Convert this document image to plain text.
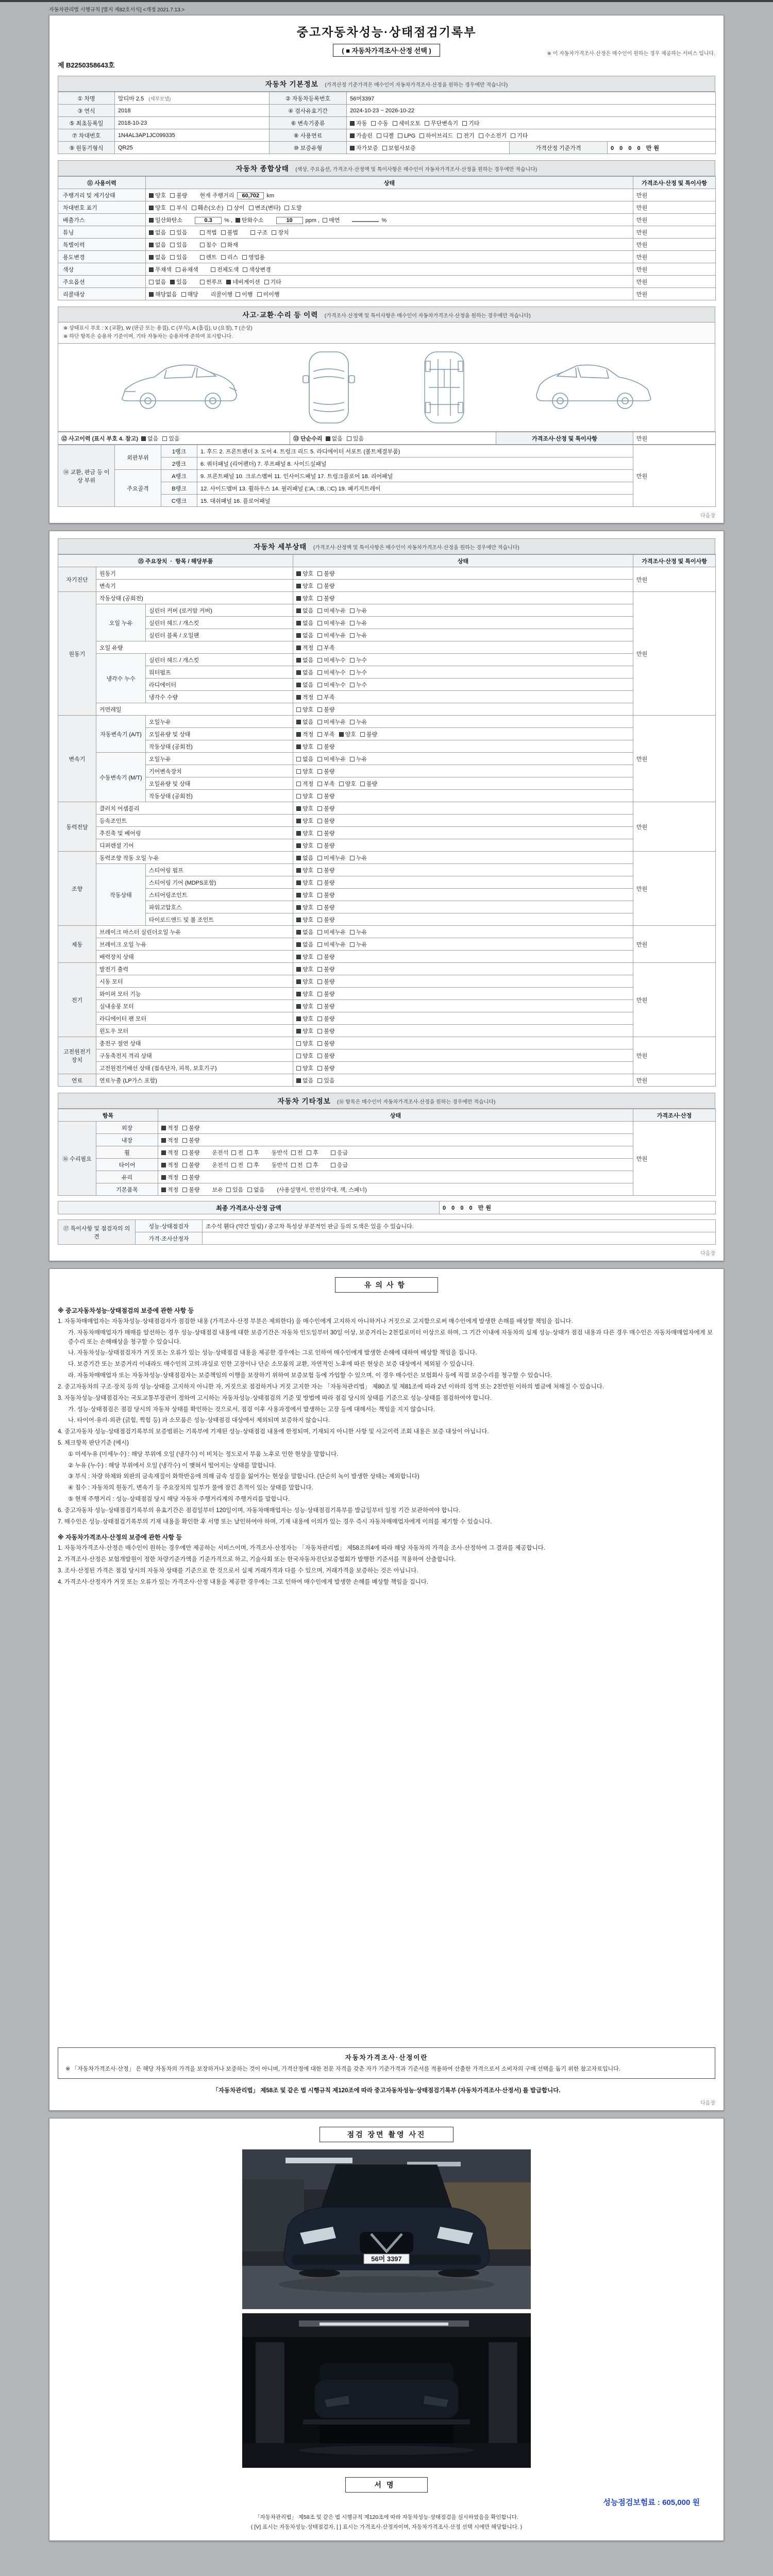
자동차관리법 시행규칙 [별지 제82호서식] <개정 2021.7.13.>
중고자동차성능·상태점검기록부
( ■ 자동차가격조사·산정 선택 )	※ 이 자동차가격조사·산정은 매수인이 원하는 경우 제공하는 서비스 입니다.
제 B2250358643호
자동차 기본정보 (가격산정 기준가격은 매수인이 자동차가격조사·산정을 원하는 경우에만 적습니다)
① 차명	알티마 2.5 (세부모델)	② 자동차등록번호	56머3397		
③ 연식	2018	④ 검사유효기간	2024-10-23 ~ 2026-10-22		
⑤ 최초등록일	2018-10-23	⑥ 변속기종류	자동 수동 세미오토 무단변속기 기타		
⑦ 차대번호	1N4AL3AP1JC099335	⑧ 사용연료	가솔린 디젤 LPG 하이브리드 전기 수소전기 기타		
⑨ 원동기형식	QR25	⑩ 보증유형	자가보증 보험사보증	가격산정 기준가격	0 0 0 0 만원
자동차 종합상태 (색상, 주요옵션, 가격조사·산정액 및 특이사항은 매수인이 자동차가격조사·산정을 원하는 경우에만 적습니다)
⑪ 사용이력	상태	가격조사·산정 및 특이사항
주행거리 및 계기상태	양호 불량 현재 주행거리 60,702 km	만원
차대번호 표기	양호 부식 훼손(오손) 상이 변조(변타) 도말	만원
배출가스	일산화탄소 0.3 % , 탄화수소 10 ppm , 매연 %	만원
튜닝	없음 있음 적법 불법 구조 장치	만원
특별이력	없음 있음 침수 화재	만원
용도변경	없음 있음 렌트 리스 영업용	만원
색상	무채색 유채색 전체도색 색상변경	만원
주요옵션	없음 있음 썬루프 네비게이션 기타	만원
리콜대상	해당없음 해당 리콜이행 이행 미이행	만원
사고·교환·수리 등 이력 (가격조사·산정액 및 특이사항은 매수인이 자동차가격조사·산정을 원하는 경우에만 적습니다)
※ 상태표시 부호 : X (교환), W (판금 또는 용접), C (부식), A (흠집), U (요철), T (손상)
※ 하단 항목은 승용차 기준이며, 기타 자동차는 승용차에 준하여 표시합니다.
⑫ 사고이력 (표시 부호 4. 참고) 없음 있음	⑬ 단순수리 없음 있음	가격조사·산정 및 특이사항	만원
⑭ 교환, 판금 등 이상 부위	외판부위	1랭크	1. 후드 2. 프론트펜더 3. 도어 4. 트렁크 리드 5. 라디에이터 서포트 (볼트체결부품)	만원
		2랭크	6. 쿼터패널 (리어펜더) 7. 루프패널 8. 사이드실패널	
	주요골격	A랭크	9. 프론트패널 10. 크로스멤버 11. 인사이드패널 17. 트렁크플로어 18. 리어패널	
		B랭크	12. 사이드멤버 13. 휠하우스 14. 필러패널 (□A, □B, □C) 19. 패키지트레이	
		C랭크	15. 대쉬패널 16. 플로어패널	
다음장
자동차 세부상태 (가격조사·산정액 및 특이사항은 매수인이 자동차가격조사·산정을 원하는 경우에만 적습니다)
⑮ 주요장치  ·  항목 / 해당부품			상태	가격조사·산정 및 특이사항
자기진단	원동기		양호 불량	만원
	변속기		양호 불량	
원동기	작동상태 (공회전)		양호 불량	만원
	오일 누유	실린더 커버 (로커암 커버)	없음 미세누유 누유	
		실린더 헤드 / 개스킷	없음 미세누유 누유	
		실린더 블록 / 오일팬	없음 미세누유 누유	
	오일 유량		적정 부족	
	냉각수 누수	실린더 헤드 / 개스킷	없음 미세누수 누수	
		워터펌프	없음 미세누수 누수	
		라디에이터	없음 미세누수 누수	
		냉각수 수량	적정 부족	
	커먼레일		양호 불량	
변속기	자동변속기 (A/T)	오일누유	없음 미세누유 누유	만원
		오일유량 및 상태	적정 부족 양호 불량	
		작동상태 (공회전)	양호 불량	
	수동변속기 (M/T)	오일누유	없음 미세누유 누유	
		기어변속장치	양호 불량	
		오일유량 및 상태	적정 부족 양호 불량	
		작동상태 (공회전)	양호 불량	
동력전달	클러치 어셈블리		양호 불량	만원
	등속조인트		양호 불량	
	추진축 및 베어링		양호 불량	
	디퍼렌셜 기어		양호 불량	
조향	동력조향 작동 오일 누유		없음 미세누유 누유	만원
	작동상태	스티어링 펌프	양호 불량	
		스티어링 기어 (MDPS포함)	양호 불량	
		스티어링조인트	양호 불량	
		파워고압호스	양호 불량	
		타이로드엔드 및 볼 조인트	양호 불량	
제동	브레이크 마스터 실린더오일 누유		없음 미세누유 누유	만원
	브레이크 오일 누유		없음 미세누유 누유	
	배력장치 상태		양호 불량	
전기	발전기 출력		양호 불량	만원
	시동 모터		양호 불량	
	와이퍼 모터 기능		양호 불량	
	실내송풍 모터		양호 불량	
	라디에이터 팬 모터		양호 불량	
	윈도우 모터		양호 불량	
고전원전기장치	충전구 절연 상태		양호 불량	만원
	구동축전지 격리 상태		양호 불량	
	고전원전기배선 상태 (접속단자, 피복, 보호기구)		양호 불량	
연료	연료누출 (LP가스 포함)		없음 있음	만원
자동차 기타정보 (⑯ 항목은 매수인이 자동차가격조사·산정을 원하는 경우에만 적습니다)
항목		상태	가격조사·산정
⑯ 수리필요	외장	적정 불량	만원
	내장	적정 불량	
	휠	적정 불량 운전석 전 후 동반석 전 후 응급	
	타이어	적정 불량 운전석 전 후 동반석 전 후 응급	
	유리	적정 불량	
	기본품목	적정 불량 보유 있음 없음 (사용설명서, 안전삼각대, 잭, 스패너)	
최종 가격조사·산정 금액	0 0 0 0 만원
⑰ 특이사항 및 점검자의 의견	성능·상태점검자	조수석 휀다 (약간 밀림) / 중고차 특성상 부분적인 판금 등의 도색은 있을 수 있습니다.
	가격·조사산정자	
다음장
유의사항
※ 중고자동차성능·상태점검의 보증에 관한 사항 등
1. 자동차매매업자는 자동차성능·상태점검자가 점검한 내용 (가격조사·산정 부분은 제외한다) 을 매수인에게 고지하지 아니하거나 거짓으로 고지함으로써 매수인에게 발생한 손해를 배상할 책임을 집니다.
가. 자동차매매업자가 매매를 알선하는 경우 성능·상태점검 내용에 대한 보증기간은 자동차 인도일부터 30일 이상, 보증거리는 2천킬로미터 이상으로 하며, 그 기간 이내에 자동차의 실제 성능·상태가 점검 내용과 다른 경우 매수인은 자동차매매업자에게 보증수리 또는 손해배상을 청구할 수 있습니다.
나. 자동차성능·상태점검자가 거짓 또는 오류가 있는 성능·상태점검 내용을 제공한 경우에는 그로 인하여 매수인에게 발생한 손해에 대하여 배상할 책임을 집니다.
다. 보증기간 또는 보증거리 이내라도 매수인의 고의·과실로 인한 고장이나 단순 소모품의 교환, 자연적인 노후에 따른 현상은 보증 대상에서 제외될 수 있습니다.
라. 자동차매매업자 또는 자동차성능·상태점검자는 보증책임의 이행을 보장하기 위하여 보증보험 등에 가입할 수 있으며, 이 경우 매수인은 보험회사 등에 직접 보증수리를 청구할 수 있습니다.
2. 중고자동차의 구조·장치 등의 성능·상태를 고지하지 아니한 자, 거짓으로 점검하거나 거짓 고지한 자는 「자동차관리법」 제80조 및 제81조에 따라 2년 이하의 징역 또는 2천만원 이하의 벌금에 처해질 수 있습니다.
3. 자동차성능·상태점검자는 국토교통부장관이 정하여 고시하는 자동차성능·상태점검의 기준 및 방법에 따라 점검 당시의 상태를 기준으로 성능·상태를 점검하여야 합니다.
가. 성능·상태점검은 점검 당시의 자동차 상태를 확인하는 것으로서, 점검 이후 사용과정에서 발생하는 고장 등에 대해서는 책임을 지지 않습니다.
나. 타이어·유리·외관 (긁힘, 찍힘 등) 과 소모품은 성능·상태점검 대상에서 제외되며 보증하지 않습니다.
4. 중고자동차 성능·상태점검기록부의 보증범위는 기록부에 기재된 성능·상태점검 내용에 한정되며, 기재되지 아니한 사항 및 사고이력 조회 내용은 보증 대상이 아닙니다.
5. 체크항목 판단기준 (예시)
① 미세누유 (미세누수) : 해당 부위에 오일 (냉각수) 이 비치는 정도로서 부품 노후로 인한 현상을 말합니다.
② 누유 (누수) : 해당 부위에서 오일 (냉각수) 이 맺혀서 떨어지는 상태를 말합니다.
③ 부식 : 차량 하체와 외판의 금속재질이 화학반응에 의해 금속 성질을 잃어가는 현상을 말합니다. (단순히 녹이 발생한 상태는 제외합니다)
④ 침수 : 자동차의 원동기, 변속기 등 주요장치의 일부가 물에 잠긴 흔적이 있는 상태를 말합니다.
⑤ 현재 주행거리 : 성능·상태점검 당시 해당 자동차 주행거리계의 주행거리를 말합니다.
6. 중고자동차 성능·상태점검기록부의 유효기간은 점검일부터 120일이며, 자동차매매업자는 성능·상태점검기록부를 발급일부터 일정 기간 보관하여야 합니다.
7. 매수인은 성능·상태점검기록부의 기재 내용을 확인한 후 서명 또는 날인하여야 하며, 기재 내용에 이의가 있는 경우 즉시 자동차매매업자에게 이의를 제기할 수 있습니다.
※ 자동차가격조사·산정의 보증에 관한 사항 등
1. 자동차가격조사·산정은 매수인이 원하는 경우에만 제공하는 서비스이며, 가격조사·산정자는 「자동차관리법」 제58조의4에 따라 해당 자동차의 가격을 조사·산정하여 그 결과를 제공합니다.
2. 가격조사·산정은 보험개발원이 정한 차량기준가액을 기준가격으로 하고, 기술사회 또는 한국자동차진단보증협회가 발행한 기준서를 적용하여 산출합니다.
3. 조사·산정된 가격은 점검 당시의 자동차 상태를 기준으로 한 것으로서 실제 거래가격과 다를 수 있으며, 거래가격을 보증하는 것은 아닙니다.
4. 가격조사·산정자가 거짓 또는 오류가 있는 가격조사·산정 내용을 제공한 경우에는 그로 인하여 매수인에게 발생한 손해를 배상할 책임을 집니다.
자동차가격조사·산정이란
※ 「자동차가격조사·산정」 은 해당 자동차의 가격을 보장하거나 보증하는 것이 아니며, 가격산정에 대한 전문 자격을 갖춘 자가 기준가격과 기준서를 적용하여 산출한 가격으로서 소비자의 구매 선택을 돕기 위한 참고자료입니다.
「자동차관리법」 제58조 및 같은 법 시행규칙 제120조에 따라 중고자동차성능·상태점검기록부 (자동차가격조사·산정서) 를 발급합니다.
다음장
점검 장면 촬영 사진
56머 3397
서명
성능점검보험료 : 605,000 원
「자동차관리법」 제58조 및 같은 법 시행규칙 제120조에 따라 자동차성능·상태점검을 실시하였음을 확인합니다.
( [V] 표시는 자동차성능·상태점검자, [ ] 표시는 가격조사·산정자이며, 자동차가격조사·산정 선택 시에만 해당합니다. )
